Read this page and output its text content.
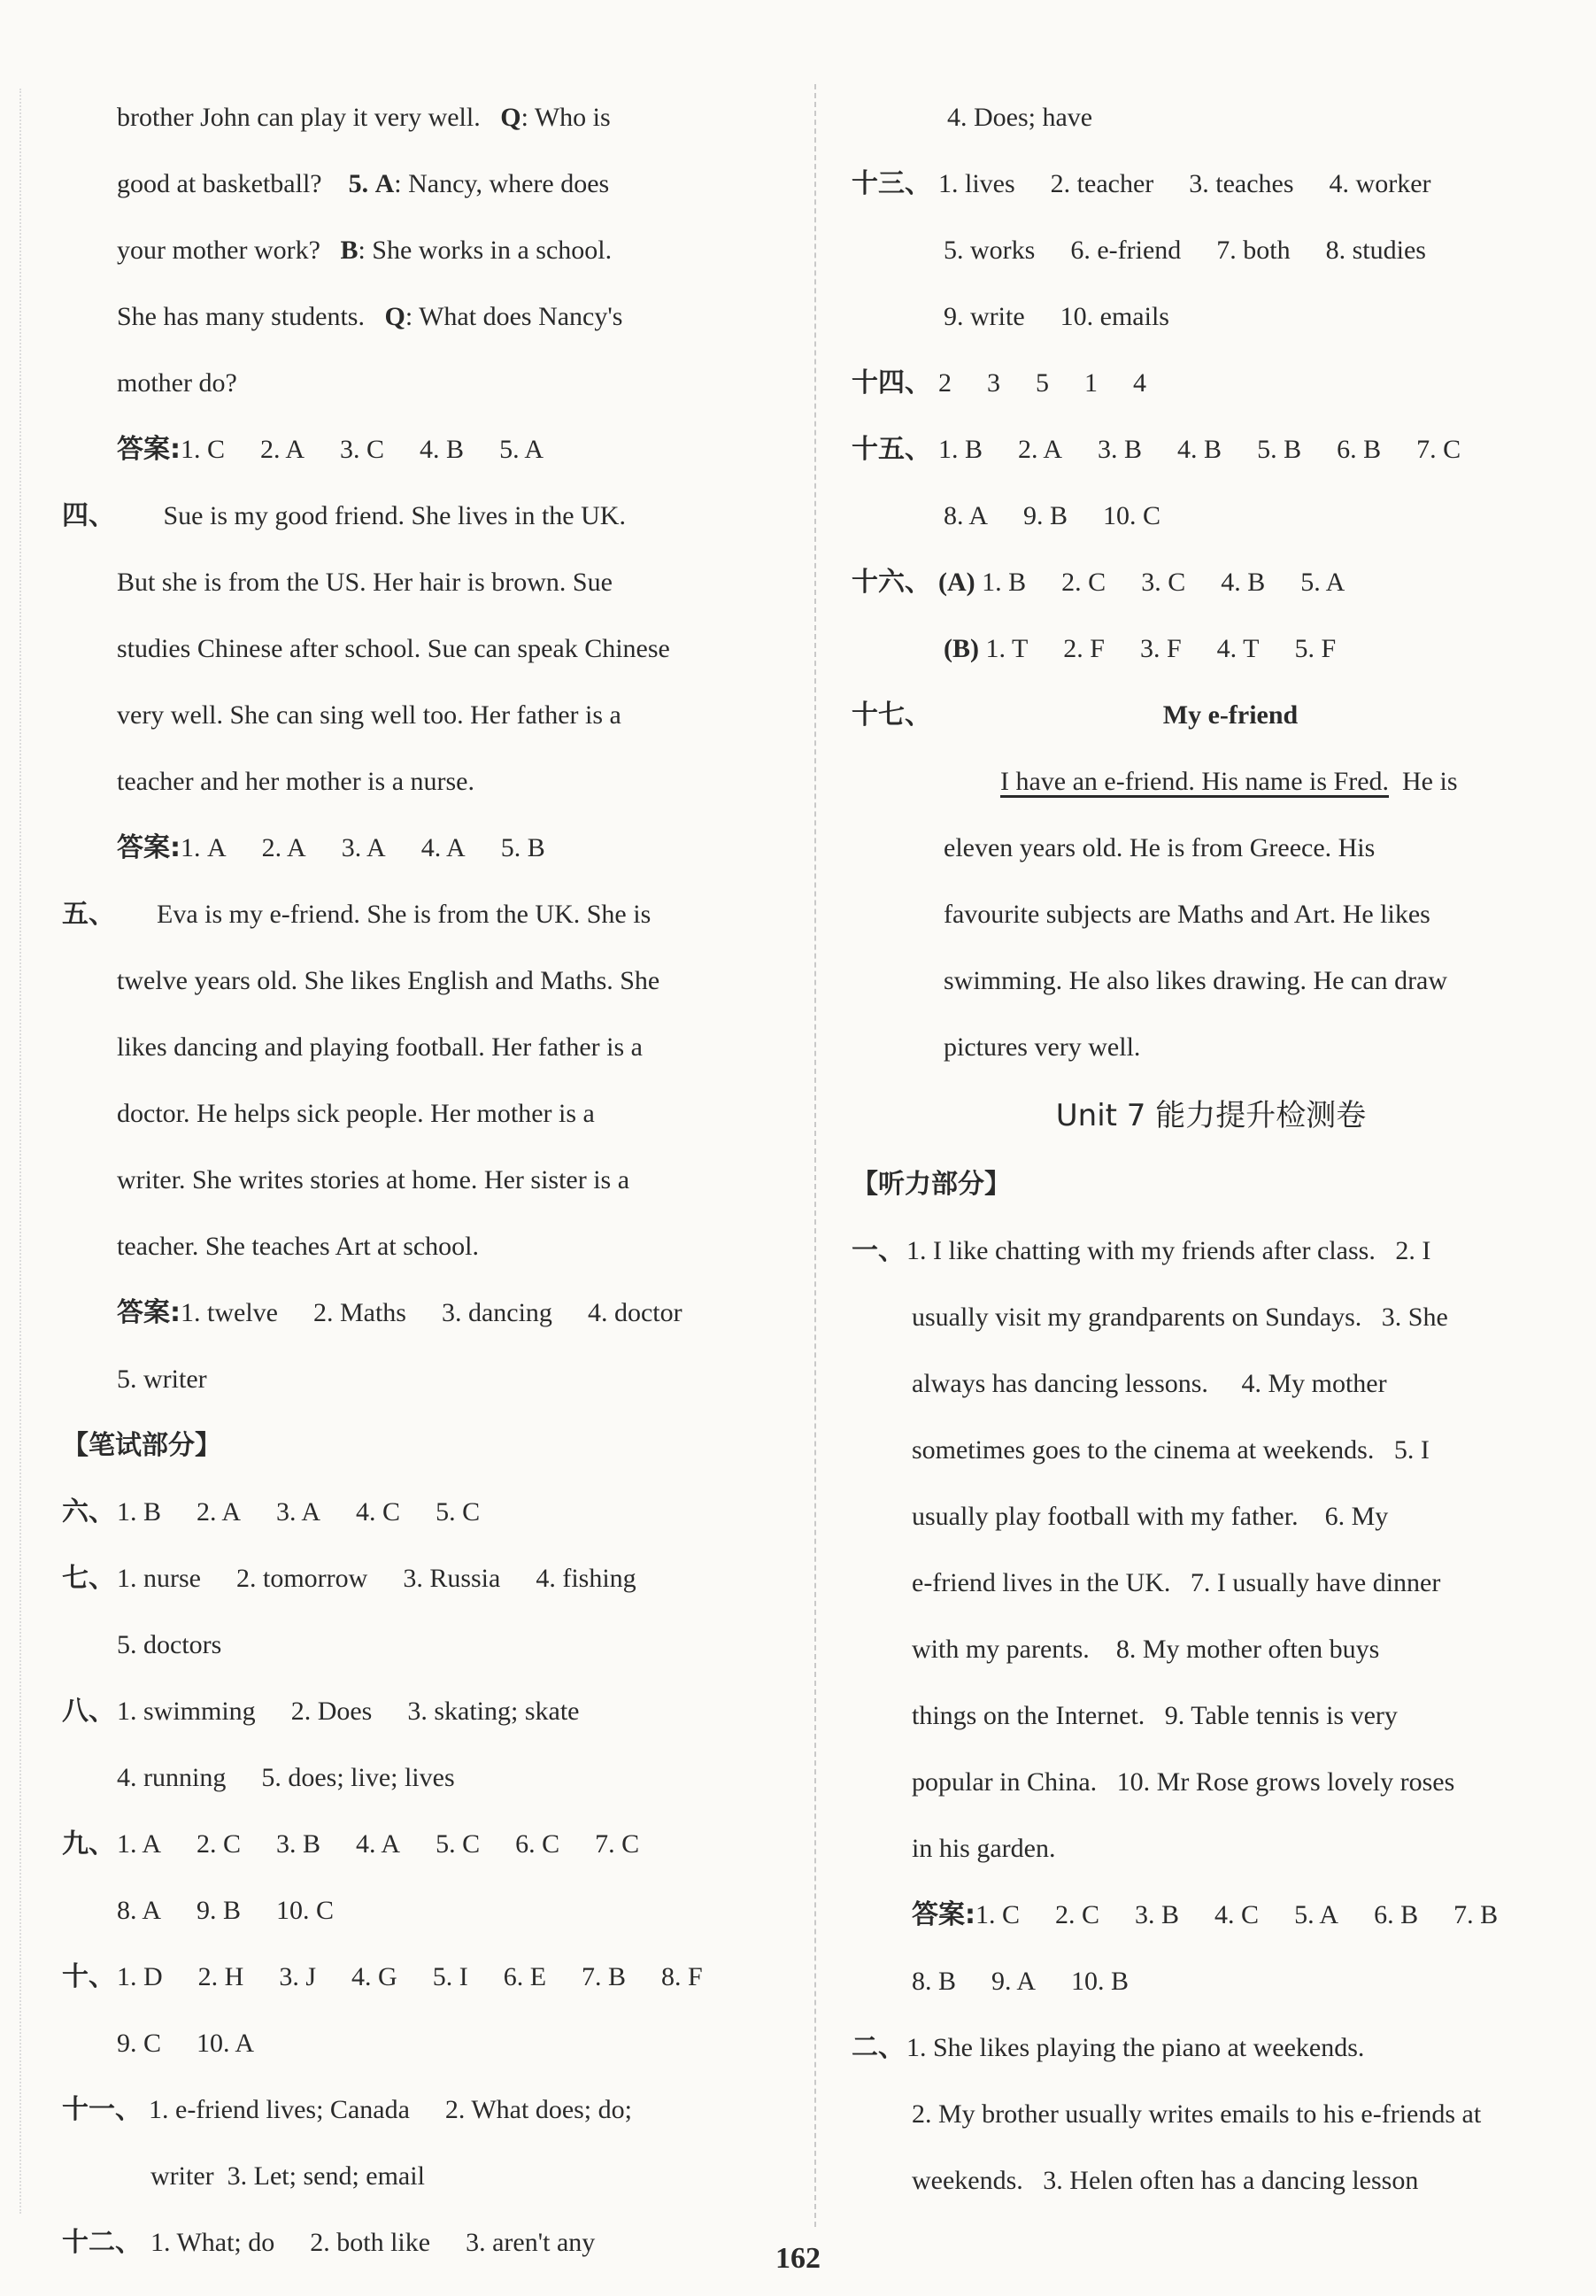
brother John can play it very well. Q: Who is
good at basketball? 5. A: Nancy, where does
your mother work? B: She works in a school.
She has many students. Q: What does Nancy's
mother do?
答案:1. C 2. A 3. C 4. B 5. A
四、 Sue is my good friend. She lives in the UK.
But she is from the US. Her hair is brown. Sue
studies Chinese after school. Sue can speak Chinese
very well. She can sing well too. Her father is a
teacher and her mother is a nurse.
答案:1. A 2. A 3. A 4. A 5. B
五、 Eva is my e-friend. She is from the UK. She is
twelve years old. She likes English and Maths. She
likes dancing and playing football. Her father is a
doctor. He helps sick people. Her mother is a
writer. She writes stories at home. Her sister is a
teacher. She teaches Art at school.
答案:1. twelve 2. Maths 3. dancing 4. doctor
5. writer
【笔试部分】
六、1. B 2. A 3. A 4. C 5. C
七、1. nurse 2. tomorrow 3. Russia 4. fishing
5. doctors
八、1. swimming 2. Does 3. skating; skate
4. running 5. does; live; lives
九、1. A 2. C 3. B 4. A 5. C 6. C 7. C
8. A 9. B 10. C
十、1. D 2. H 3. J 4. G 5. I 6. E 7. B 8. F
9. C 10. A
十一、 1. e-friend lives; Canada 2. What does; do;
writer 3. Let; send; email
十二、 1. What; do 2. both like 3. aren't any
4. Does; have
十三、 1. lives 2. teacher 3. teaches 4. worker
5. works 6. e-friend 7. both 8. studies
9. write 10. emails
十四、 2 3 5 1 4
十五、 1. B 2. A 3. B 4. B 5. B 6. B 7. C
8. A 9. B 10. C
十六、 (A) 1. B 2. C 3. C 4. B 5. A
(B) 1. T 2. F 3. F 4. T 5. F
十七、	My e-friend
I have an e-friend. His name is Fred. He is
eleven years old. He is from Greece. His
favourite subjects are Maths and Art. He likes
swimming. He also likes drawing. He can draw
pictures very well.
Unit 7 能力提升检测卷
【听力部分】
一、1. I like chatting with my friends after class. 2. I
usually visit my grandparents on Sundays. 3. She
always has dancing lessons. 4. My mother
sometimes goes to the cinema at weekends. 5. I
usually play football with my father. 6. My
e-friend lives in the UK. 7. I usually have dinner
with my parents. 8. My mother often buys
things on the Internet. 9. Table tennis is very
popular in China. 10. Mr Rose grows lovely roses
in his garden.
答案:1. C 2. C 3. B 4. C 5. A 6. B 7. B
8. B 9. A 10. B
二、1. She likes playing the piano at weekends.
2. My brother usually writes emails to his e-friends at
weekends. 3. Helen often has a dancing lesson
162
